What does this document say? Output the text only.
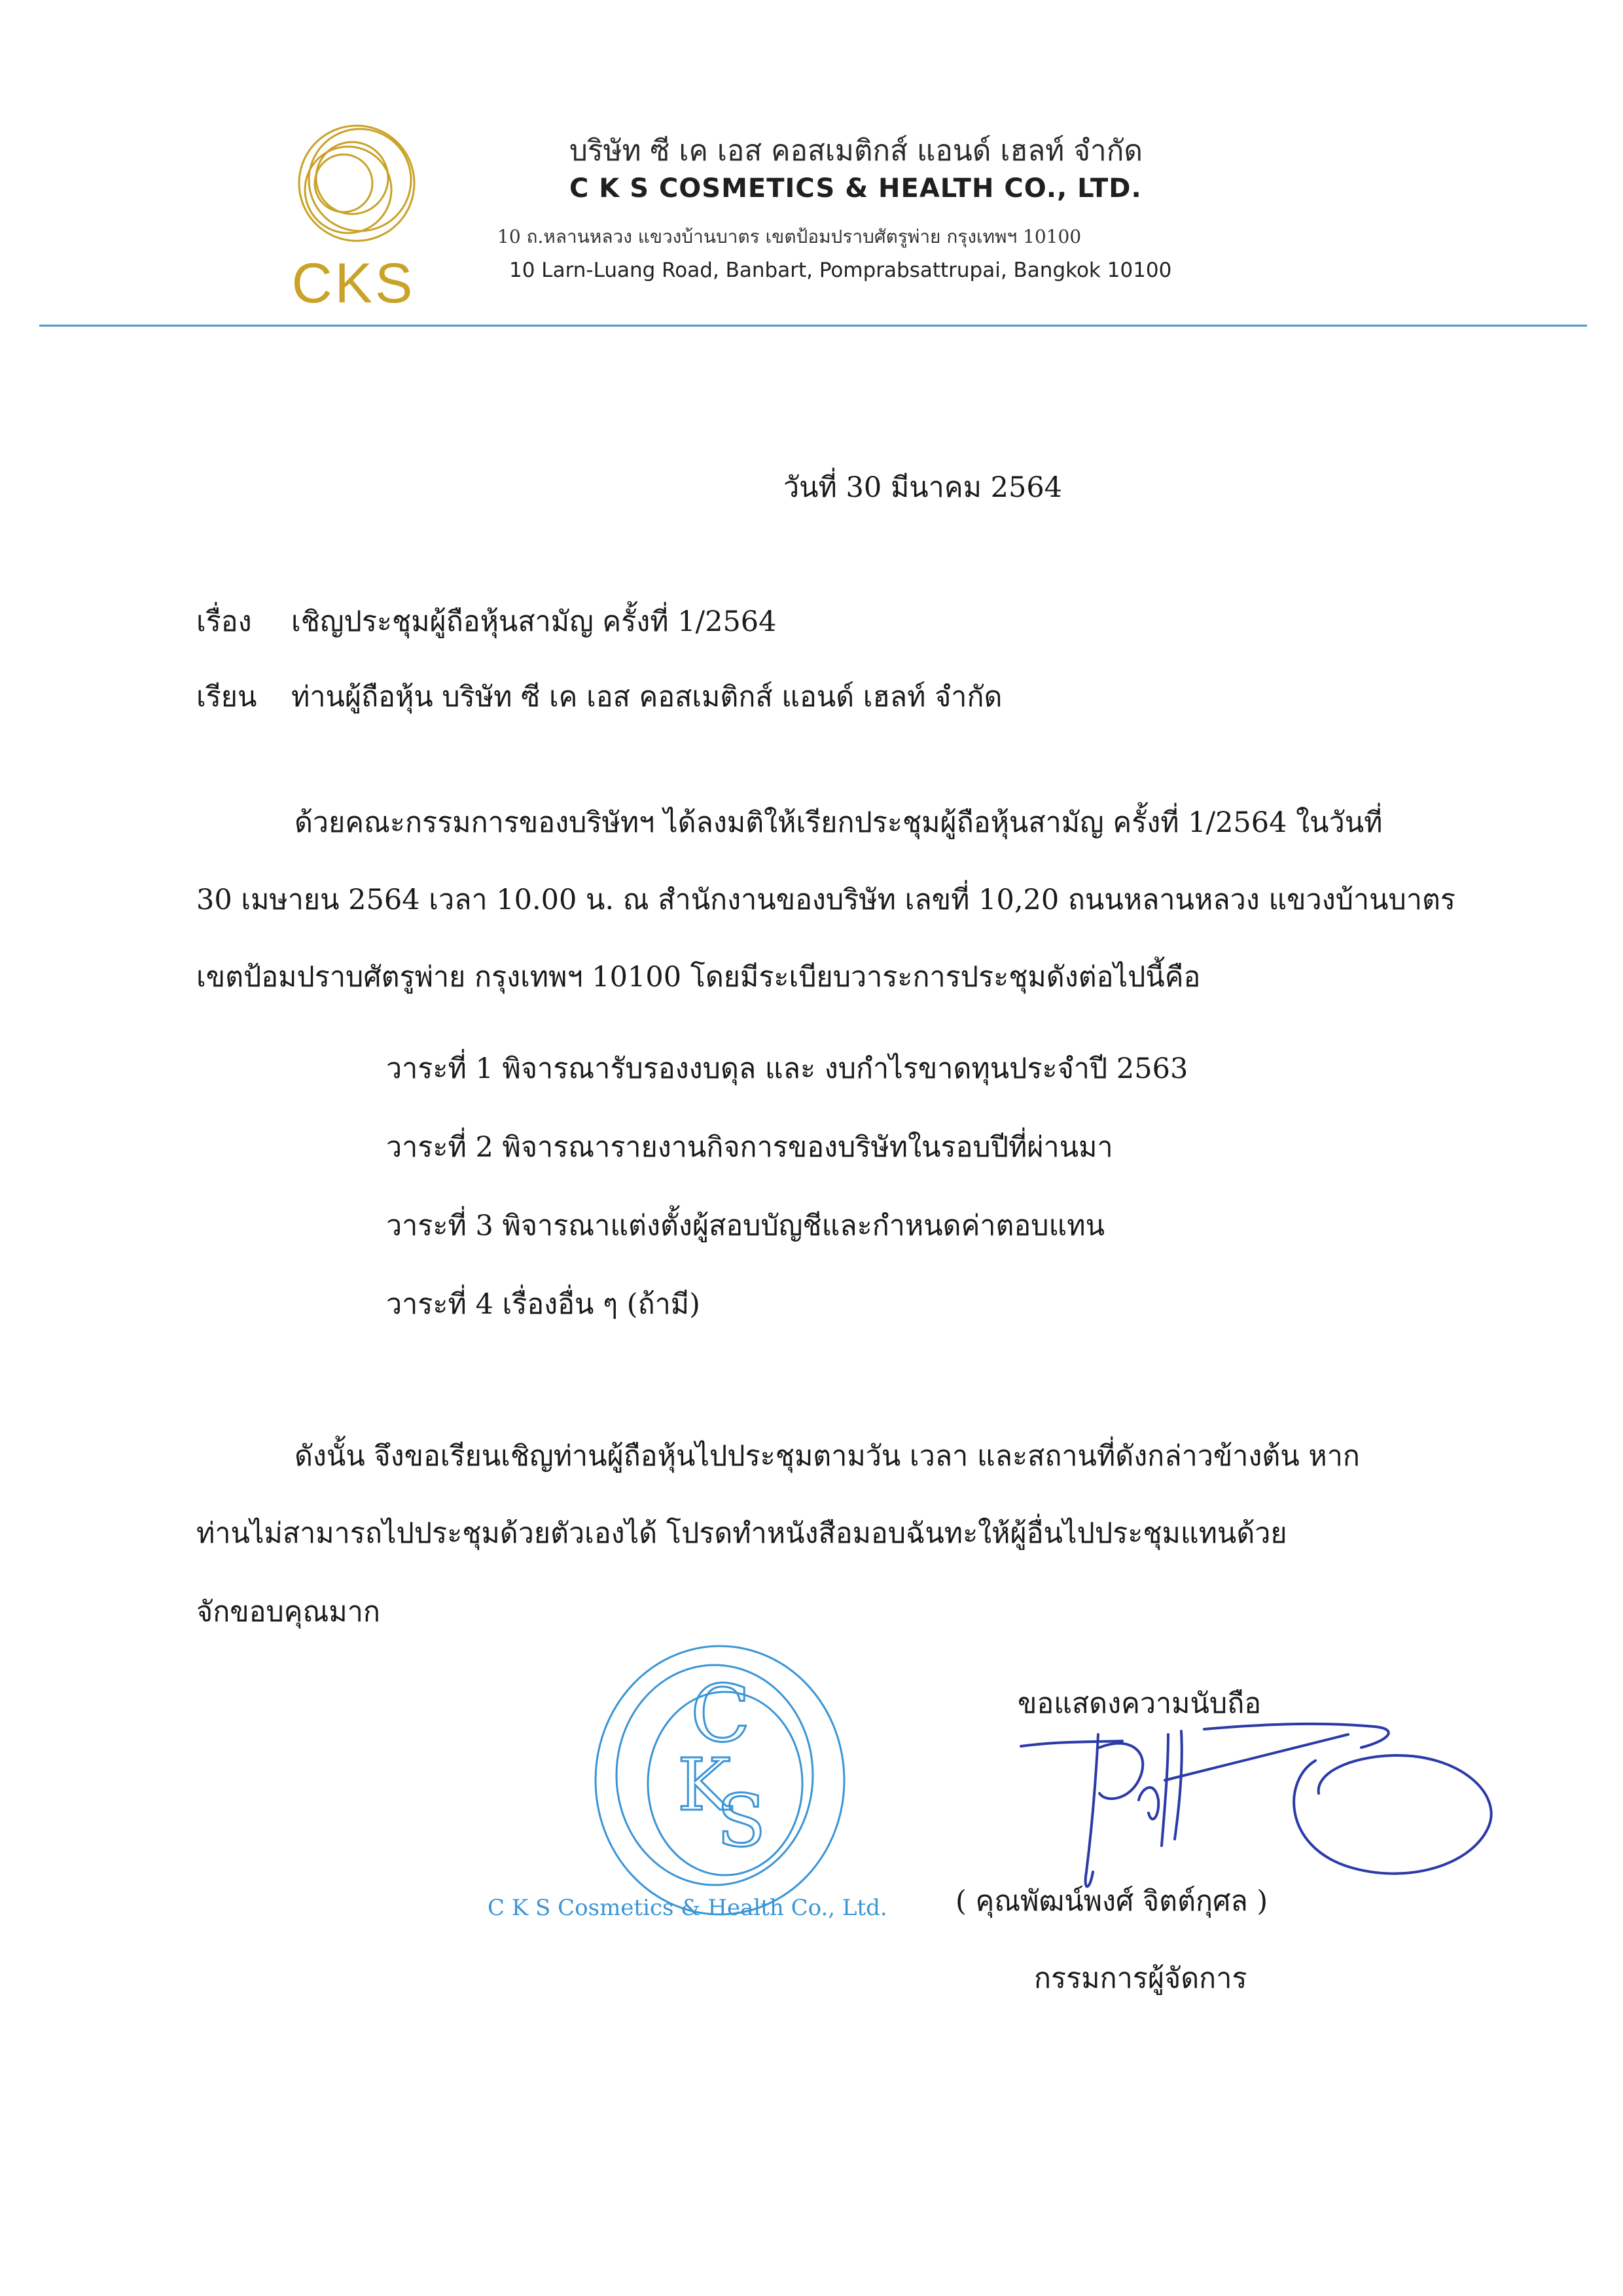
CKS
บริษัท ซี เค เอส คอสเมติกส์ แอนด์ เฮลท์ จำกัด
C K S COSMETICS & HEALTH CO., LTD.
10 ถ.หลานหลวง แขวงบ้านบาตร เขตป้อมปราบศัตรูพ่าย กรุงเทพฯ 10100
10 Larn-Luang Road, Banbart, Pomprabsattrupai, Bangkok 10100
วันที่ 30 มีนาคม 2564
เรื่อง เชิญประชุมผู้ถือหุ้นสามัญ ครั้งที่ 1/2564
เรียน ท่านผู้ถือหุ้น บริษัท ซี เค เอส คอสเมติกส์ แอนด์ เฮลท์ จำกัด
ด้วยคณะกรรมการของบริษัทฯ ได้ลงมติให้เรียกประชุมผู้ถือหุ้นสามัญ ครั้งที่ 1/2564 ในวันที่
30 เมษายน 2564 เวลา 10.00 น. ณ สำนักงานของบริษัท เลขที่ 10,20 ถนนหลานหลวง แขวงบ้านบาตร
เขตป้อมปราบศัตรูพ่าย กรุงเทพฯ 10100 โดยมีระเบียบวาระการประชุมดังต่อไปนี้คือ
วาระที่ 1 พิจารณารับรองงบดุล และ งบกำไรขาดทุนประจำปี 2563
วาระที่ 2 พิจารณารายงานกิจการของบริษัทในรอบปีที่ผ่านมา
วาระที่ 3 พิจารณาแต่งตั้งผู้สอบบัญชีและกำหนดค่าตอบแทน
วาระที่ 4 เรื่องอื่น ๆ (ถ้ามี)
ดังนั้น จึงขอเรียนเชิญท่านผู้ถือหุ้นไปประชุมตามวัน เวลา และสถานที่ดังกล่าวข้างต้น หาก
ท่านไม่สามารถไปประชุมด้วยตัวเองได้ โปรดทำหนังสือมอบฉันทะให้ผู้อื่นไปประชุมแทนด้วย
จักขอบคุณมาก
C
K
S
C K S Cosmetics & Health Co., Ltd.
ขอแสดงความนับถือ
( คุณพัฒน์พงศ์ จิตต์กุศล )
กรรมการผู้จัดการ
